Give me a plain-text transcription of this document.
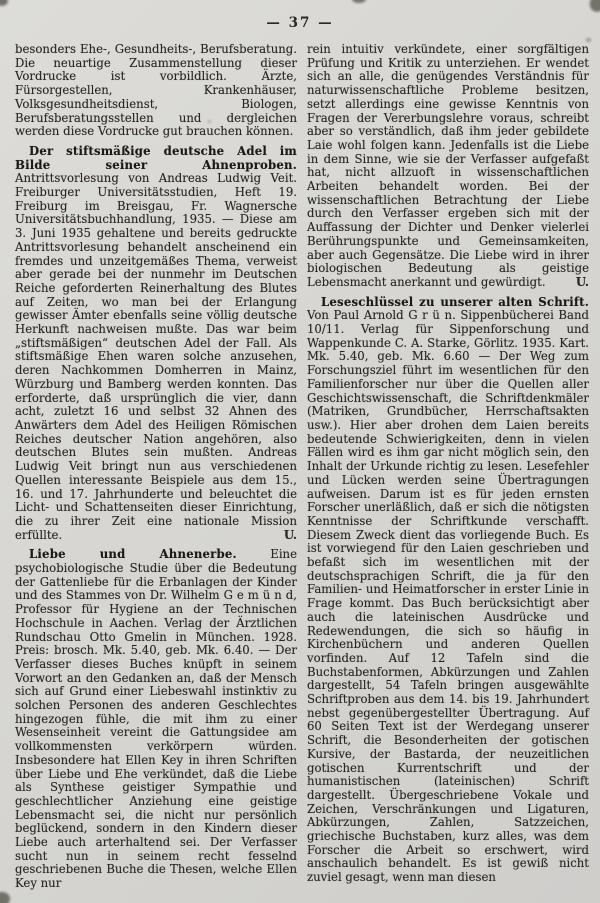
— 37 —

besonders Ehe-, Gesundheits-, Berufsberatung. Die neuartige Zusammenstellung dieser Vordrucke ist vorbildlich. Ärzte, Fürsorgestellen, Krankenhäuser, Volksgesundheitsdienst, Biologen, Berufsberatungsstellen und dergleichen werden diese Vordrucke gut brauchen können.

Der stiftsmäßige deutsche Adel im Bilde seiner Ahnenproben. Antrittsvorlesung von Andreas Ludwig Veit. Freiburger Universitätsstudien, Heft 19. Freiburg im Breisgau, Fr. Wagnersche Universitätsbuchhandlung, 1935. — Diese am 3. Juni 1935 gehaltene und bereits gedruckte Antrittsvorlesung behandelt anscheinend ein fremdes und unzeitgemäßes Thema, verweist aber gerade bei der nunmehr im Deutschen Reiche geforderten Reinerhaltung des Blutes auf Zeiten, wo man bei der Erlangung gewisser Ämter ebenfalls seine völlig deutsche Herkunft nachweisen mußte. Das war beim „stiftsmäßigen“ deutschen Adel der Fall. Als stiftsmäßige Ehen waren solche anzusehen, deren Nachkommen Domherren in Mainz, Würzburg und Bamberg werden konnten. Das erforderte, daß ursprünglich die vier, dann acht, zuletzt 16 und selbst 32 Ahnen des Anwärters dem Adel des Heiligen Römischen Reiches deutscher Nation angehören, also deutschen Blutes sein mußten. Andreas Ludwig Veit bringt nun aus verschiedenen Quellen interessante Beispiele aus dem 15., 16. und 17. Jahrhunderte und beleuchtet die Licht- und Schattenseiten dieser Einrichtung, die zu ihrer Zeit eine nationale Mission erfüllte.	U.

Liebe und Ahnenerbe.	Eine psychobiologische Studie über die Bedeutung der Gattenliebe für die Erbanlagen der Kinder und des Stammes von Dr. Wilhelm G e m ü n d, Professor für Hygiene an der Technischen Hochschule in Aachen. Verlag der Ärztlichen Rundschau Otto Gmelin in München. 1928. Preis: brosch. Mk. 5.40, geb. Mk. 6.40. — Der Verfasser dieses Buches knüpft in seinem Vorwort an den Gedanken an, daß der Mensch sich auf Grund einer Liebeswahl instinktiv zu solchen Personen des anderen Geschlechtes hingezogen fühle, die mit ihm zu einer Wesenseinheit vereint die Gattungsidee am vollkommensten verkörpern würden. Insbesondere hat Ellen Key in ihren Schriften über Liebe und Ehe verkündet, daß die Liebe als Synthese geistiger Sympathie und geschlechtlicher Anziehung eine geistige Lebensmacht sei, die nicht nur persönlich beglückend, sondern in den Kindern dieser Liebe auch arterhaltend sei. Der Verfasser sucht nun in seinem recht fesselnd geschriebenen Buche die Thesen, welche Ellen Key nur

rein intuitiv verkündete, einer sorgfältigen Prüfung und Kritik zu unterziehen. Er wendet sich an alle, die genügendes Verständnis für naturwissenschaftliche Probleme besitzen, setzt allerdings eine gewisse Kenntnis von Fragen der Vererbungslehre voraus, schreibt aber so verständlich, daß ihm jeder gebildete Laie wohl folgen kann. Jedenfalls ist die Liebe in dem Sinne, wie sie der Verfasser aufgefaßt hat, nicht allzuoft in wissenschaftlichen Arbeiten behandelt worden. Bei der wissenschaftlichen Betrachtung der Liebe durch den Verfasser ergeben sich mit der Auffassung der Dichter und Denker vielerlei Berührungspunkte und Gemeinsamkeiten, aber auch Gegensätze. Die Liebe wird in ihrer biologischen Bedeutung als geistige Lebensmacht anerkannt und gewürdigt.	U.

Leseschlüssel zu unserer alten Schrift. Von Paul Arnold G r ü n. Sippenbücherei Band 10/11. Verlag für Sippenforschung und Wappenkunde C. A. Starke, Görlitz. 1935. Kart. Mk. 5.40, geb. Mk. 6.60 — Der Weg zum Forschungsziel führt im wesentlichen für den Familienforscher nur über die Quellen aller Geschichtswissenschaft, die Schriftdenkmäler (Matriken, Grundbücher, Herrschaftsakten usw.). Hier aber drohen dem Laien bereits bedeutende Schwierigkeiten, denn in vielen Fällen wird es ihm gar nicht möglich sein, den Inhalt der Urkunde richtig zu lesen. Lesefehler und Lücken werden seine Übertragungen aufweisen. Darum ist es für jeden ernsten Forscher unerläßlich, daß er sich die nötigsten Kenntnisse der Schriftkunde verschafft. Diesem Zweck dient das vorliegende Buch. Es ist vorwiegend für den Laien geschrieben und befaßt sich im wesentlichen mit der deutschsprachigen Schrift, die ja für den Familien- und Heimatforscher in erster Linie in Frage kommt. Das Buch berücksichtigt aber auch die lateinischen Ausdrücke und Redewendungen, die sich so häufig in Kirchenbüchern und anderen Quellen vorfinden. Auf 12 Tafeln sind die Buchstabenformen, Abkürzungen und Zahlen dargestellt, 54 Tafeln bringen ausgewählte Schriftproben aus dem 14. bis 19. Jahrhundert nebst gegenübergestellter Übertragung. Auf 60 Seiten Text ist der Werdegang unserer Schrift, die Besonderheiten der gotischen Kursive, der Bastarda, der neuzeitlichen gotischen Kurrentschrift und der humanistischen (lateinischen) Schrift dargestellt. Übergeschriebene Vokale und Zeichen, Verschränkungen und Ligaturen, Abkürzungen, Zahlen, Satzzeichen, griechische Buchstaben, kurz alles, was dem Forscher die Arbeit so erschwert, wird anschaulich behandelt. Es ist gewiß nicht zuviel gesagt, wenn man diesen
